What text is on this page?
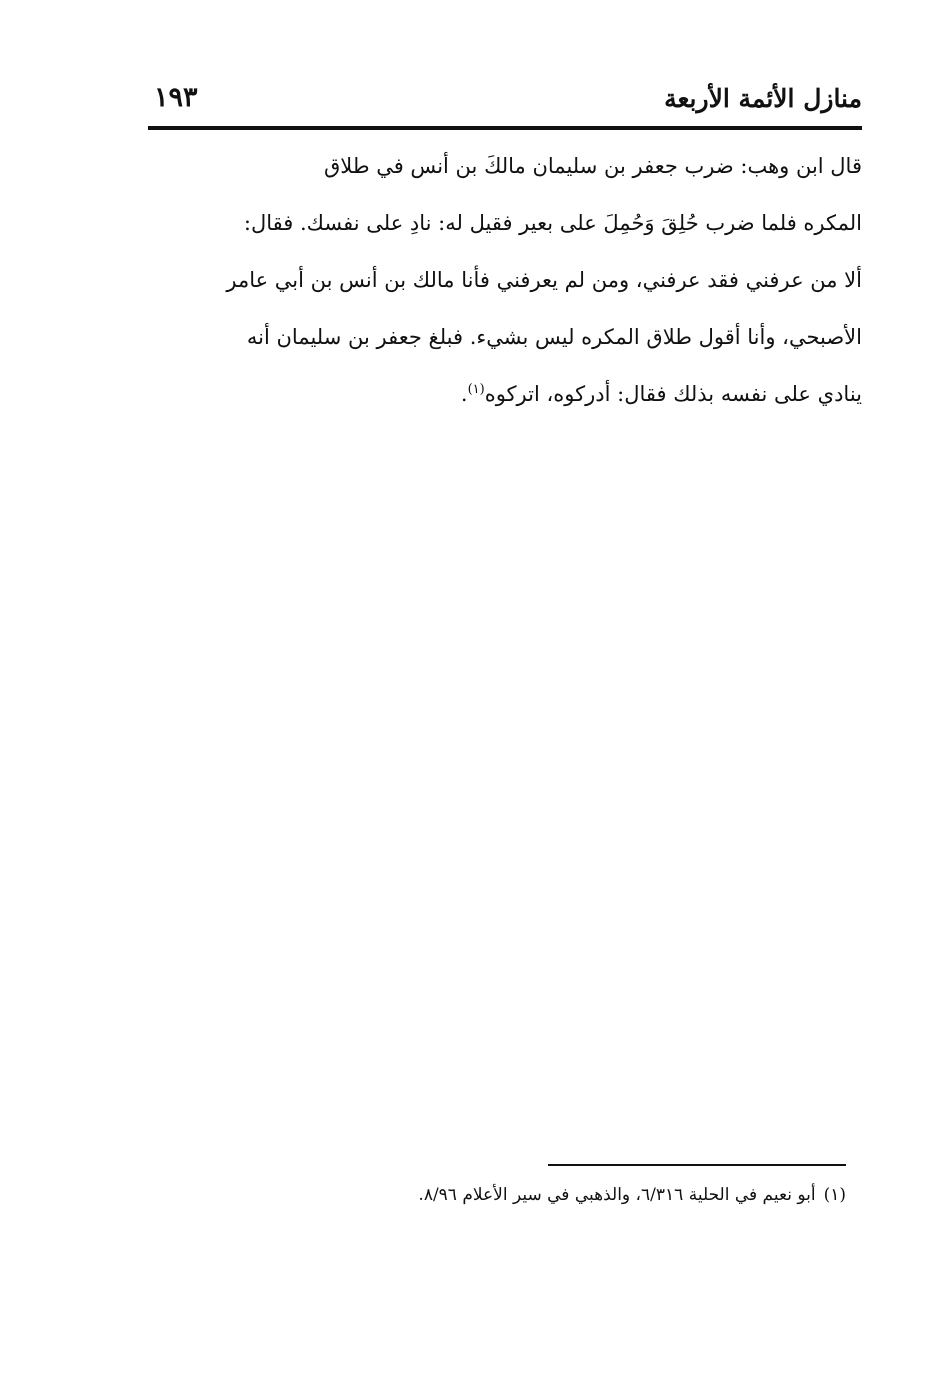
منازل الأئمة الأربعة
١٩٣
قال ابن وهب: ضرب جعفر بن سليمان مالكَ بن أنس في طلاق
المكره فلما ضرب حُلِقَ وَحُمِلَ على بعير فقيل له: نادِ على نفسك. فقال:
ألا من عرفني فقد عرفني، ومن لم يعرفني فأنا مالك بن أنس بن أبي عامر
الأصبحي، وأنا أقول طلاق المكره ليس بشيء. فبلغ جعفر بن سليمان أنه
ينادي على نفسه بذلك فقال: أدركوه، اتركوه$^{(١)}$.
(١)أبو نعيم في الحلية ٦/٣١٦، والذهبي في سير الأعلام ٨/٩٦.
